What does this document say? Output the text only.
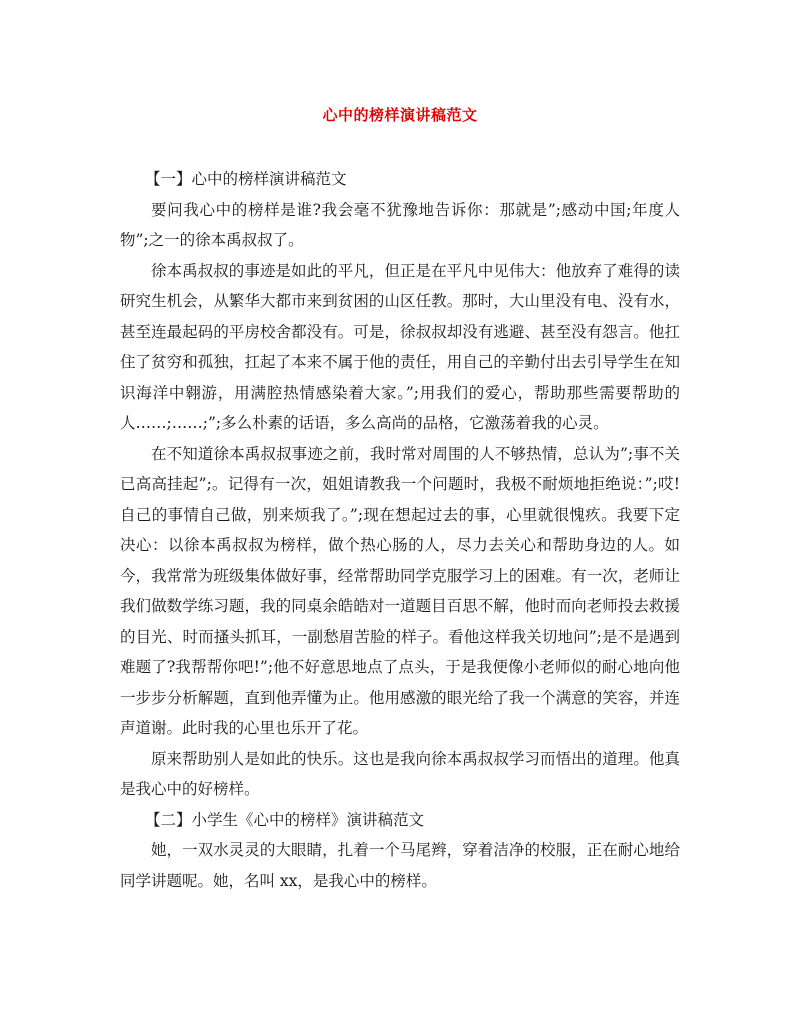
心中的榜样演讲稿范文

【一】心中的榜样演讲稿范文

要问我心中的榜样是谁?我会毫不犹豫地告诉你：那就是”;感动中国;年度人物”;之一的徐本禹叔叔了。

徐本禹叔叔的事迹是如此的平凡，但正是在平凡中见伟大：他放弃了难得的读研究生机会，从繁华大都市来到贫困的山区任教。那时，大山里没有电、没有水，甚至连最起码的平房校舍都没有。可是，徐叔叔却没有逃避、甚至没有怨言。他扛住了贫穷和孤独，扛起了本来不属于他的责任，用自己的辛勤付出去引导学生在知识海洋中翱游，用满腔热情感染着大家。”;用我们的爱心，帮助那些需要帮助的人……;……;”;多么朴素的话语，多么高尚的品格，它激荡着我的心灵。

在不知道徐本禹叔叔事迹之前，我时常对周围的人不够热情，总认为”;事不关已高高挂起”;。记得有一次，姐姐请教我一个问题时，我极不耐烦地拒绝说：”;哎!自己的事情自己做，别来烦我了。”;现在想起过去的事，心里就很愧疚。我要下定决心：以徐本禹叔叔为榜样，做个热心肠的人，尽力去关心和帮助身边的人。如今，我常常为班级集体做好事，经常帮助同学克服学习上的困难。有一次，老师让我们做数学练习题，我的同桌余皓皓对一道题目百思不解，他时而向老师投去救援的目光、时而搔头抓耳，一副愁眉苦脸的样子。看他这样我关切地问”;是不是遇到难题了?我帮帮你吧!”;他不好意思地点了点头，于是我便像小老师似的耐心地向他一步步分析解题，直到他弄懂为止。他用感激的眼光给了我一个满意的笑容，并连声道谢。此时我的心里也乐开了花。

原来帮助别人是如此的快乐。这也是我向徐本禹叔叔学习而悟出的道理。他真是我心中的好榜样。

【二】小学生《心中的榜样》演讲稿范文

她，一双水灵灵的大眼睛，扎着一个马尾辫，穿着洁净的校服，正在耐心地给同学讲题呢。她，名叫 xx，是我心中的榜样。
